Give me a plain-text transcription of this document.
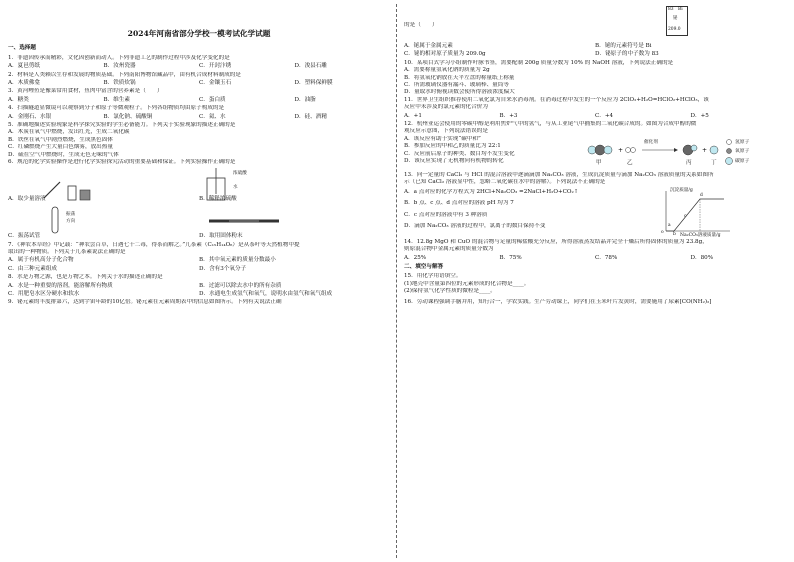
2024年河南省部分学校一模考试化学试题
一、选择题

1．非遗因传承而精彩，文化因创新而动人。下列非遗工艺的制作过程中涉及化学变化的是

A．夏邑剪纸	B．汝州瓷器	C．开封汴绣	D．浚县石雕

2．材料是人类赖以生存和发展的物质基础。下列南阳博物馆藏品中，由有机合成材料制成的是

A．木质佛龛	B．铁质炊锅	C．金镶玉石	D．塑料保鲜膜

3．黄河鲤鱼是豫菜常用食材，鱼肉中富含的营养素是（　　）

A．糖类	B．维生素	C．蛋白质	D．油脂

4．扫描隧道显微镜可以观察到分子和原子等微观粒子。下列各组物质均由原子构成的是

A．金刚石、水银	B．氯化钠、硫酸铜	C．氦、水	D．硅、酒精

5．准确地描述实验现象是科学探究实验的学生必备能力。下列关于实验现象的描述正确的是

A．木炭在氧气中燃烧，发出红光，生成二氧化碳

B．铁丝在氧气中剧烈燃烧，生成黑色固体

C．红磷燃烧产生大量白色烟雾，放出热量

D．硫在空气中燃烧时，生成无色无味的气体

6．规范的化学实验操作是进行化学实验探究活动的重要基础和保证。下列实验操作正确的是

A．取少量溶液
浓硫酸
水
B．稀释浓硫酸
振荡方向
C．振荡试管	D．取用固体粉末

7．《神农本草经》中记载：“神农尝百草，日遇七十二毒，得茶而解之。”儿茶素（C₁₅H₁₄O₆）是从茶叶等天然植物中提

取出的一种物质。下列关于儿茶素说法正确的是

A．属于有机高分子化合物	B．其中氧元素的质量分数最小
C．由三种元素组成	D．含有3个氧分子

8．水是万物之源，也是万物之本。下列关于水的描述正确的是

A．水是一种重要的溶剂，能溶解所有物质	B．过滤可以除去水中的所有杂质
C．用肥皂水区分硬水和软水	D．水通电生成氢气和氧气，说明水由氢气和氧气组成

9．铋元素的丰度排第六，达到宇宙年龄的10亿倍。铋元素在元素周期表中的信息如图所示。下列有关说法正确

的是（　　）

83 Bi
铋
209.0
A．铋属于金属元素	B．铋的元素符号是 Bi
C．铋的相对原子质量为 209.0g	D．铋原子的中子数为 83

10．某项目式学习小组制作叶脉书签，需要配制 200g 质量分数为 10% 的 NaOH 溶液，下列说法正确的是

A．需要称量氢氧化钠的质量为 2g

B．将氢氧化钠放在天平左盘的称量纸上称量

C．所需玻璃仪器有漏斗、玻璃棒、量筒等

D．量取水时俯视读数会使所得溶液浓度偏大

11．世界卫生组织推荐使用二氧化氯为自来水消毒剂。在消毒过程中发生的一个反应为 2ClO₂+H₂O=HClO₂+HClO₃，该

反应中未涉及的氯元素的化合价为

A．+1	B．+3	C．+4	D．+5

12．杭州亚运会使用的零碳甲醇是利用焦炉气中的氢气，与从工业尾气中捕集的二氧化碳合成的。如图为合成甲醇的微

观反应示意图，下列说法错误的是

A．该反应有助于实现“碳中和”

B．参加反应的甲和乙的质量比为 22:1

C．反应前后原子的种类、数目均不发生变化

D．该反应实现了无机物向有机物的转化

+	+
催化剂
甲	乙	丙	丁
氢原子
氧原子
碳原子

13．向一定量的 CaCl₂ 与 HCl 的混合溶液中逐滴滴加 Na₂CO₃ 溶液，生成沉淀质量与滴加 Na₂CO₃ 溶液质量的关系如图所

示（已知 CaCl₂ 溶液显中性，忽略二氧化碳在水中的溶解）。下列说法不正确的是

A．a 点对应的化学方程式为 2HCl+Na₂CO₃ =2NaCl+H₂O+CO₂↑

B．b 点、c 点、d 点对应的溶液 pH 均为 7

C．c 点对应的溶液中有 3 种溶质

D．滴加 Na₂CO₃ 溶液的过程中，氯离子的数目保持不变

沉淀质量/g
Na₂CO₃溶液质量/g
o
a
b
c
d

14．12.8g MgO 和 CuO 的混合物与足量的稀盐酸充分反应，所得溶液蒸发结晶并完全干燥后所得固体的质量为 23.8g，

则原混合物中金属元素的质量分数为

A．25%	B．75%	C．78%	D．80%
二、填空与解答

15．用化学用语填空。

(1)地壳中含量第四位的元素形成的化合物是____。

(2)保持氢气化学性质的微粒是____。

16．劳动课程强调手脑并用，知行合一，学农实践。生产劳动课上，同学们在玉米叶片发黄时，需要施用了尿素[CO(NH₂)₂]
